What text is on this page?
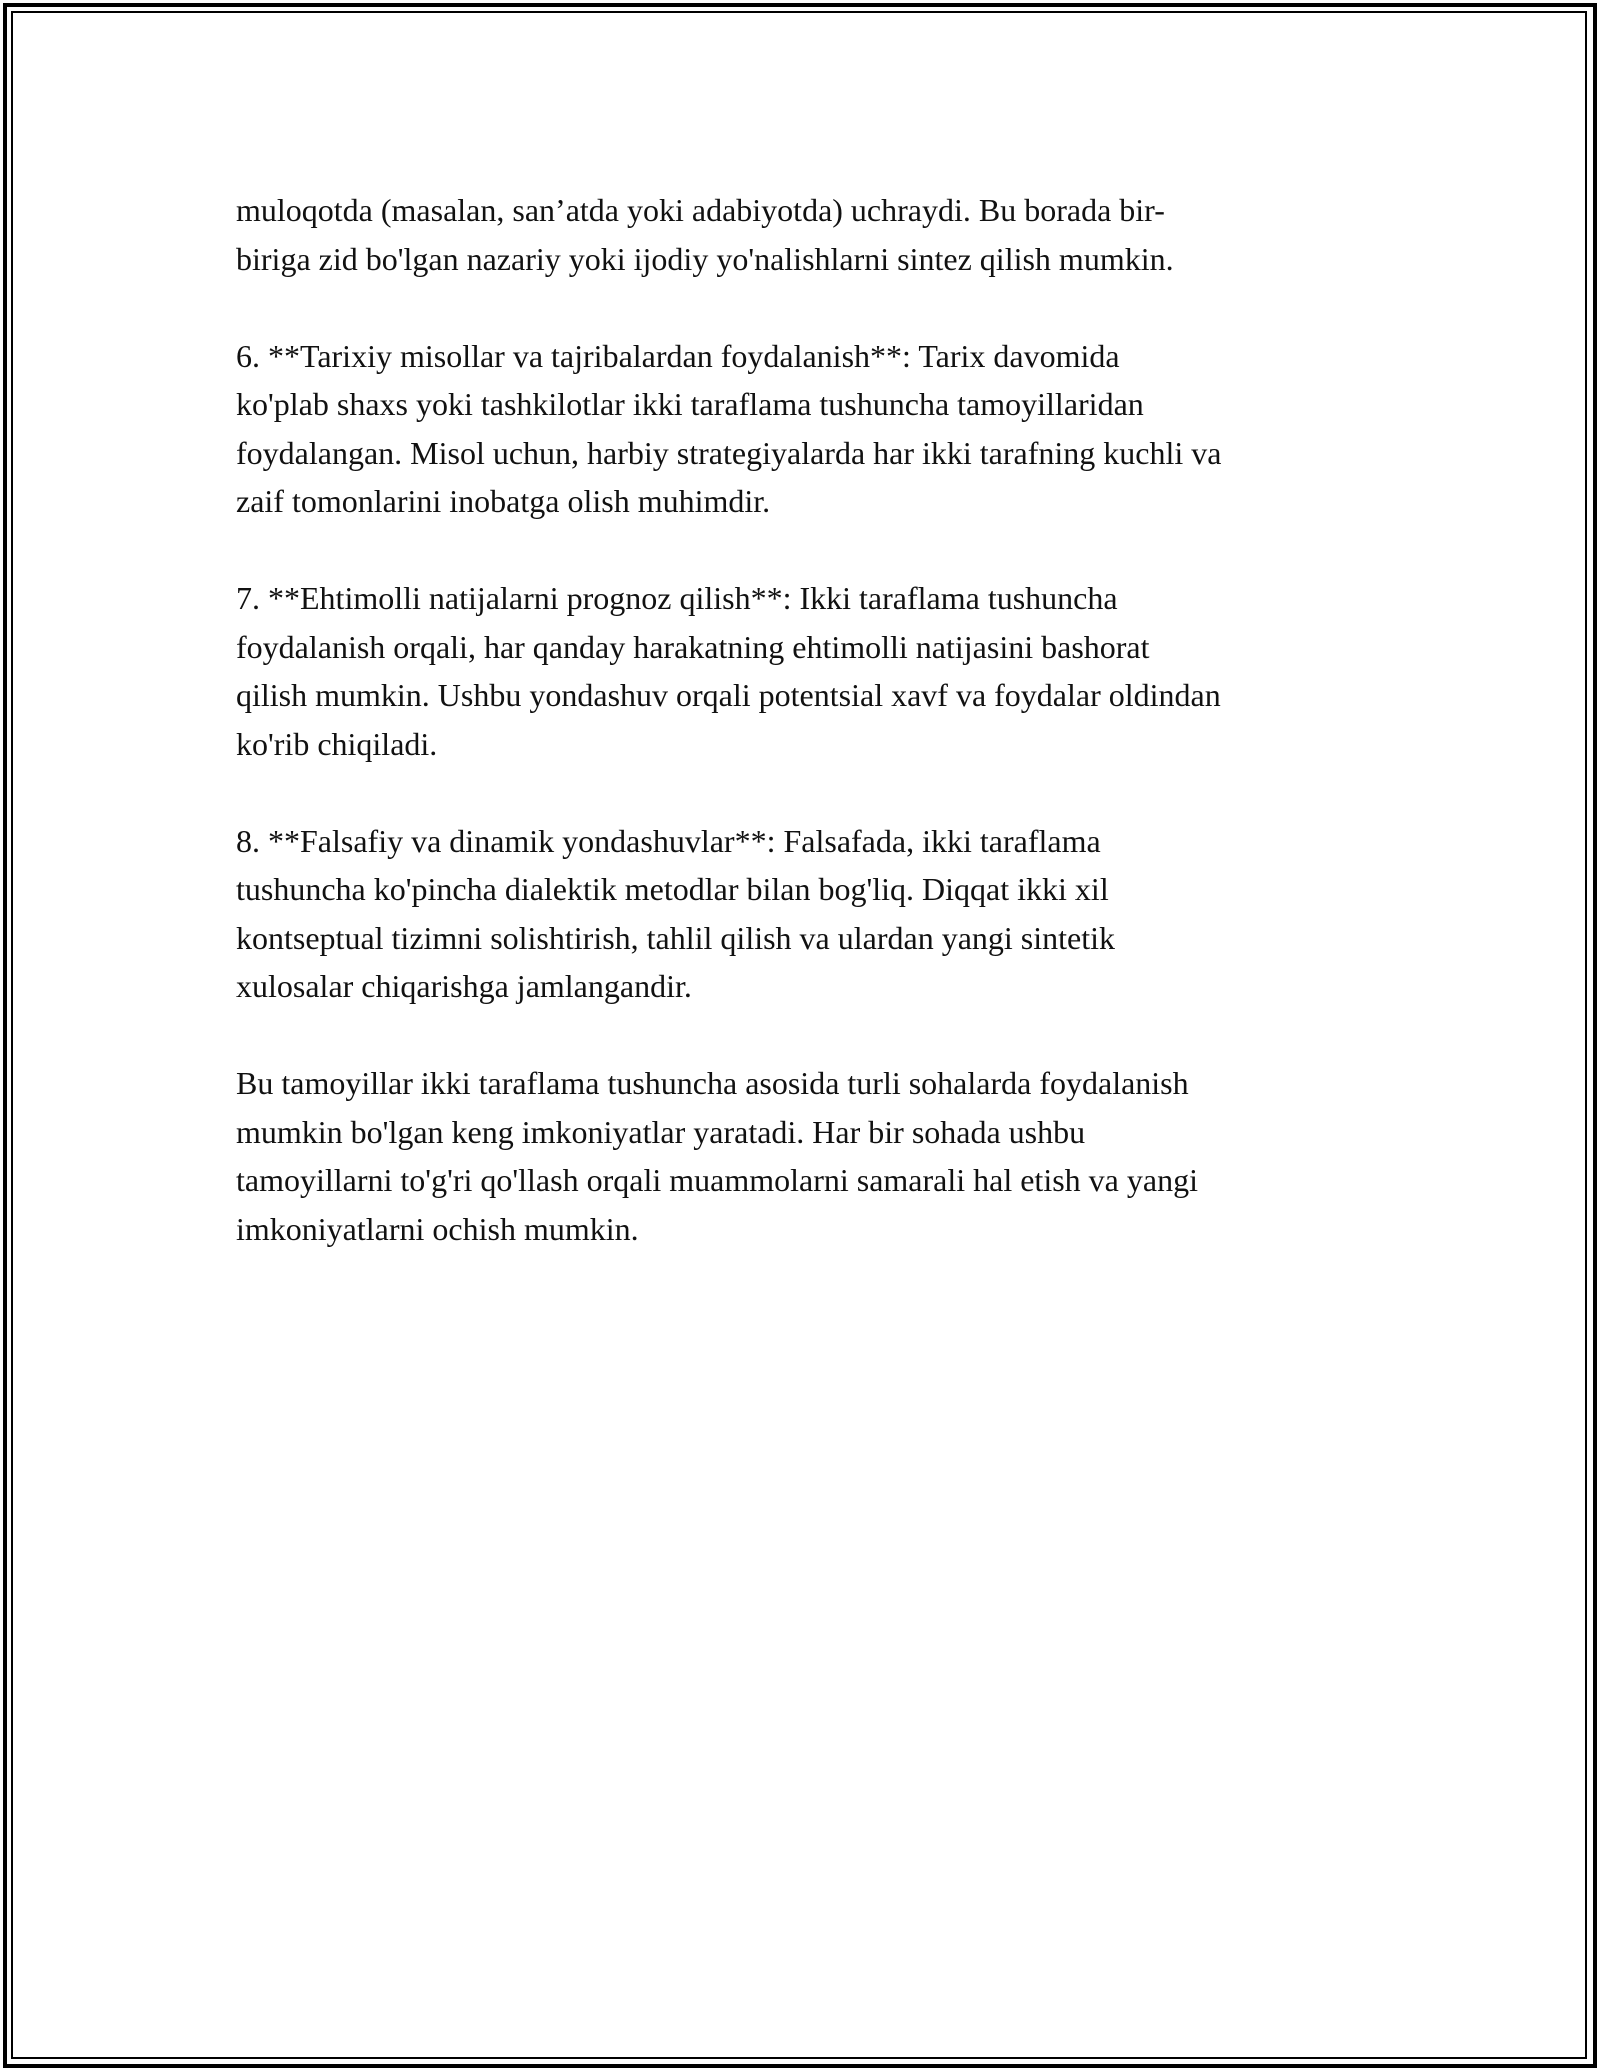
muloqotda (masalan, san’atda yoki adabiyotda) uchraydi. Bu borada bir-
biriga zid bo'lgan nazariy yoki ijodiy yo'nalishlarni sintez qilish mumkin.

6. **Tarixiy misollar va tajribalardan foydalanish**: Tarix davomida
ko'plab shaxs yoki tashkilotlar ikki taraflama tushuncha tamoyillaridan
foydalangan. Misol uchun, harbiy strategiyalarda har ikki tarafning kuchli va
zaif tomonlarini inobatga olish muhimdir.

7. **Ehtimolli natijalarni prognoz qilish**: Ikki taraflama tushuncha
foydalanish orqali, har qanday harakatning ehtimolli natijasini bashorat
qilish mumkin. Ushbu yondashuv orqali potentsial xavf va foydalar oldindan
ko'rib chiqiladi.

8. **Falsafiy va dinamik yondashuvlar**: Falsafada, ikki taraflama
tushuncha ko'pincha dialektik metodlar bilan bog'liq. Diqqat ikki xil
kontseptual tizimni solishtirish, tahlil qilish va ulardan yangi sintetik
xulosalar chiqarishga jamlangandir.

Bu tamoyillar ikki taraflama tushuncha asosida turli sohalarda foydalanish
mumkin bo'lgan keng imkoniyatlar yaratadi. Har bir sohada ushbu
tamoyillarni to'g'ri qo'llash orqali muammolarni samarali hal etish va yangi
imkoniyatlarni ochish mumkin.
